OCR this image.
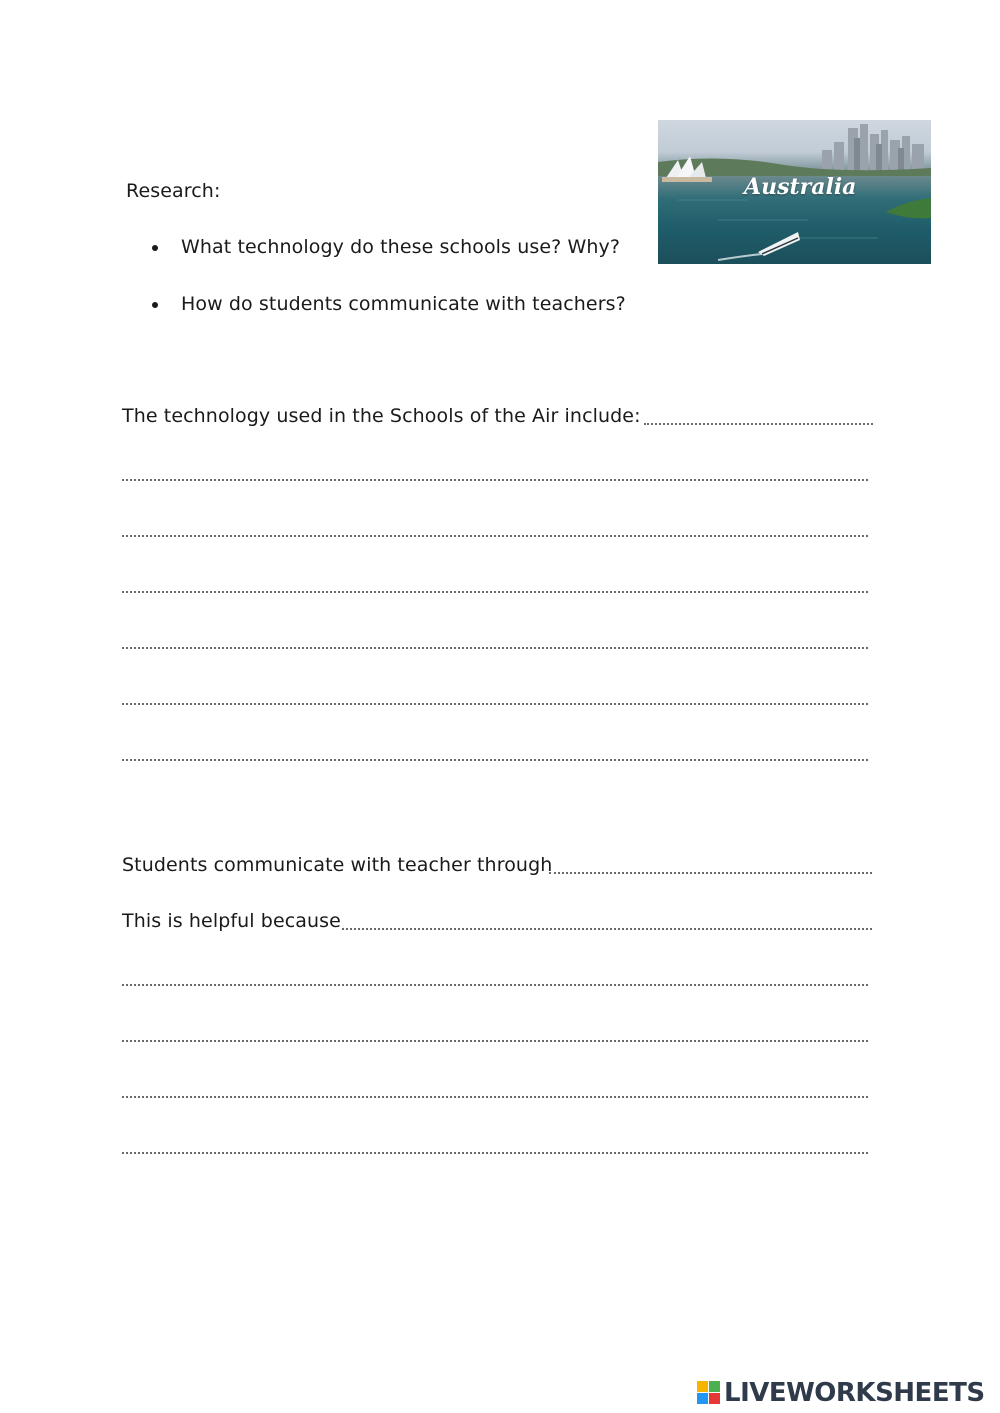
Research:
What technology do these schools use? Why?
How do students communicate with teachers?
Australia
The technology used in the Schools of the Air include:
Students communicate with teacher through
This is helpful because
LIVEWORKSHEETS
